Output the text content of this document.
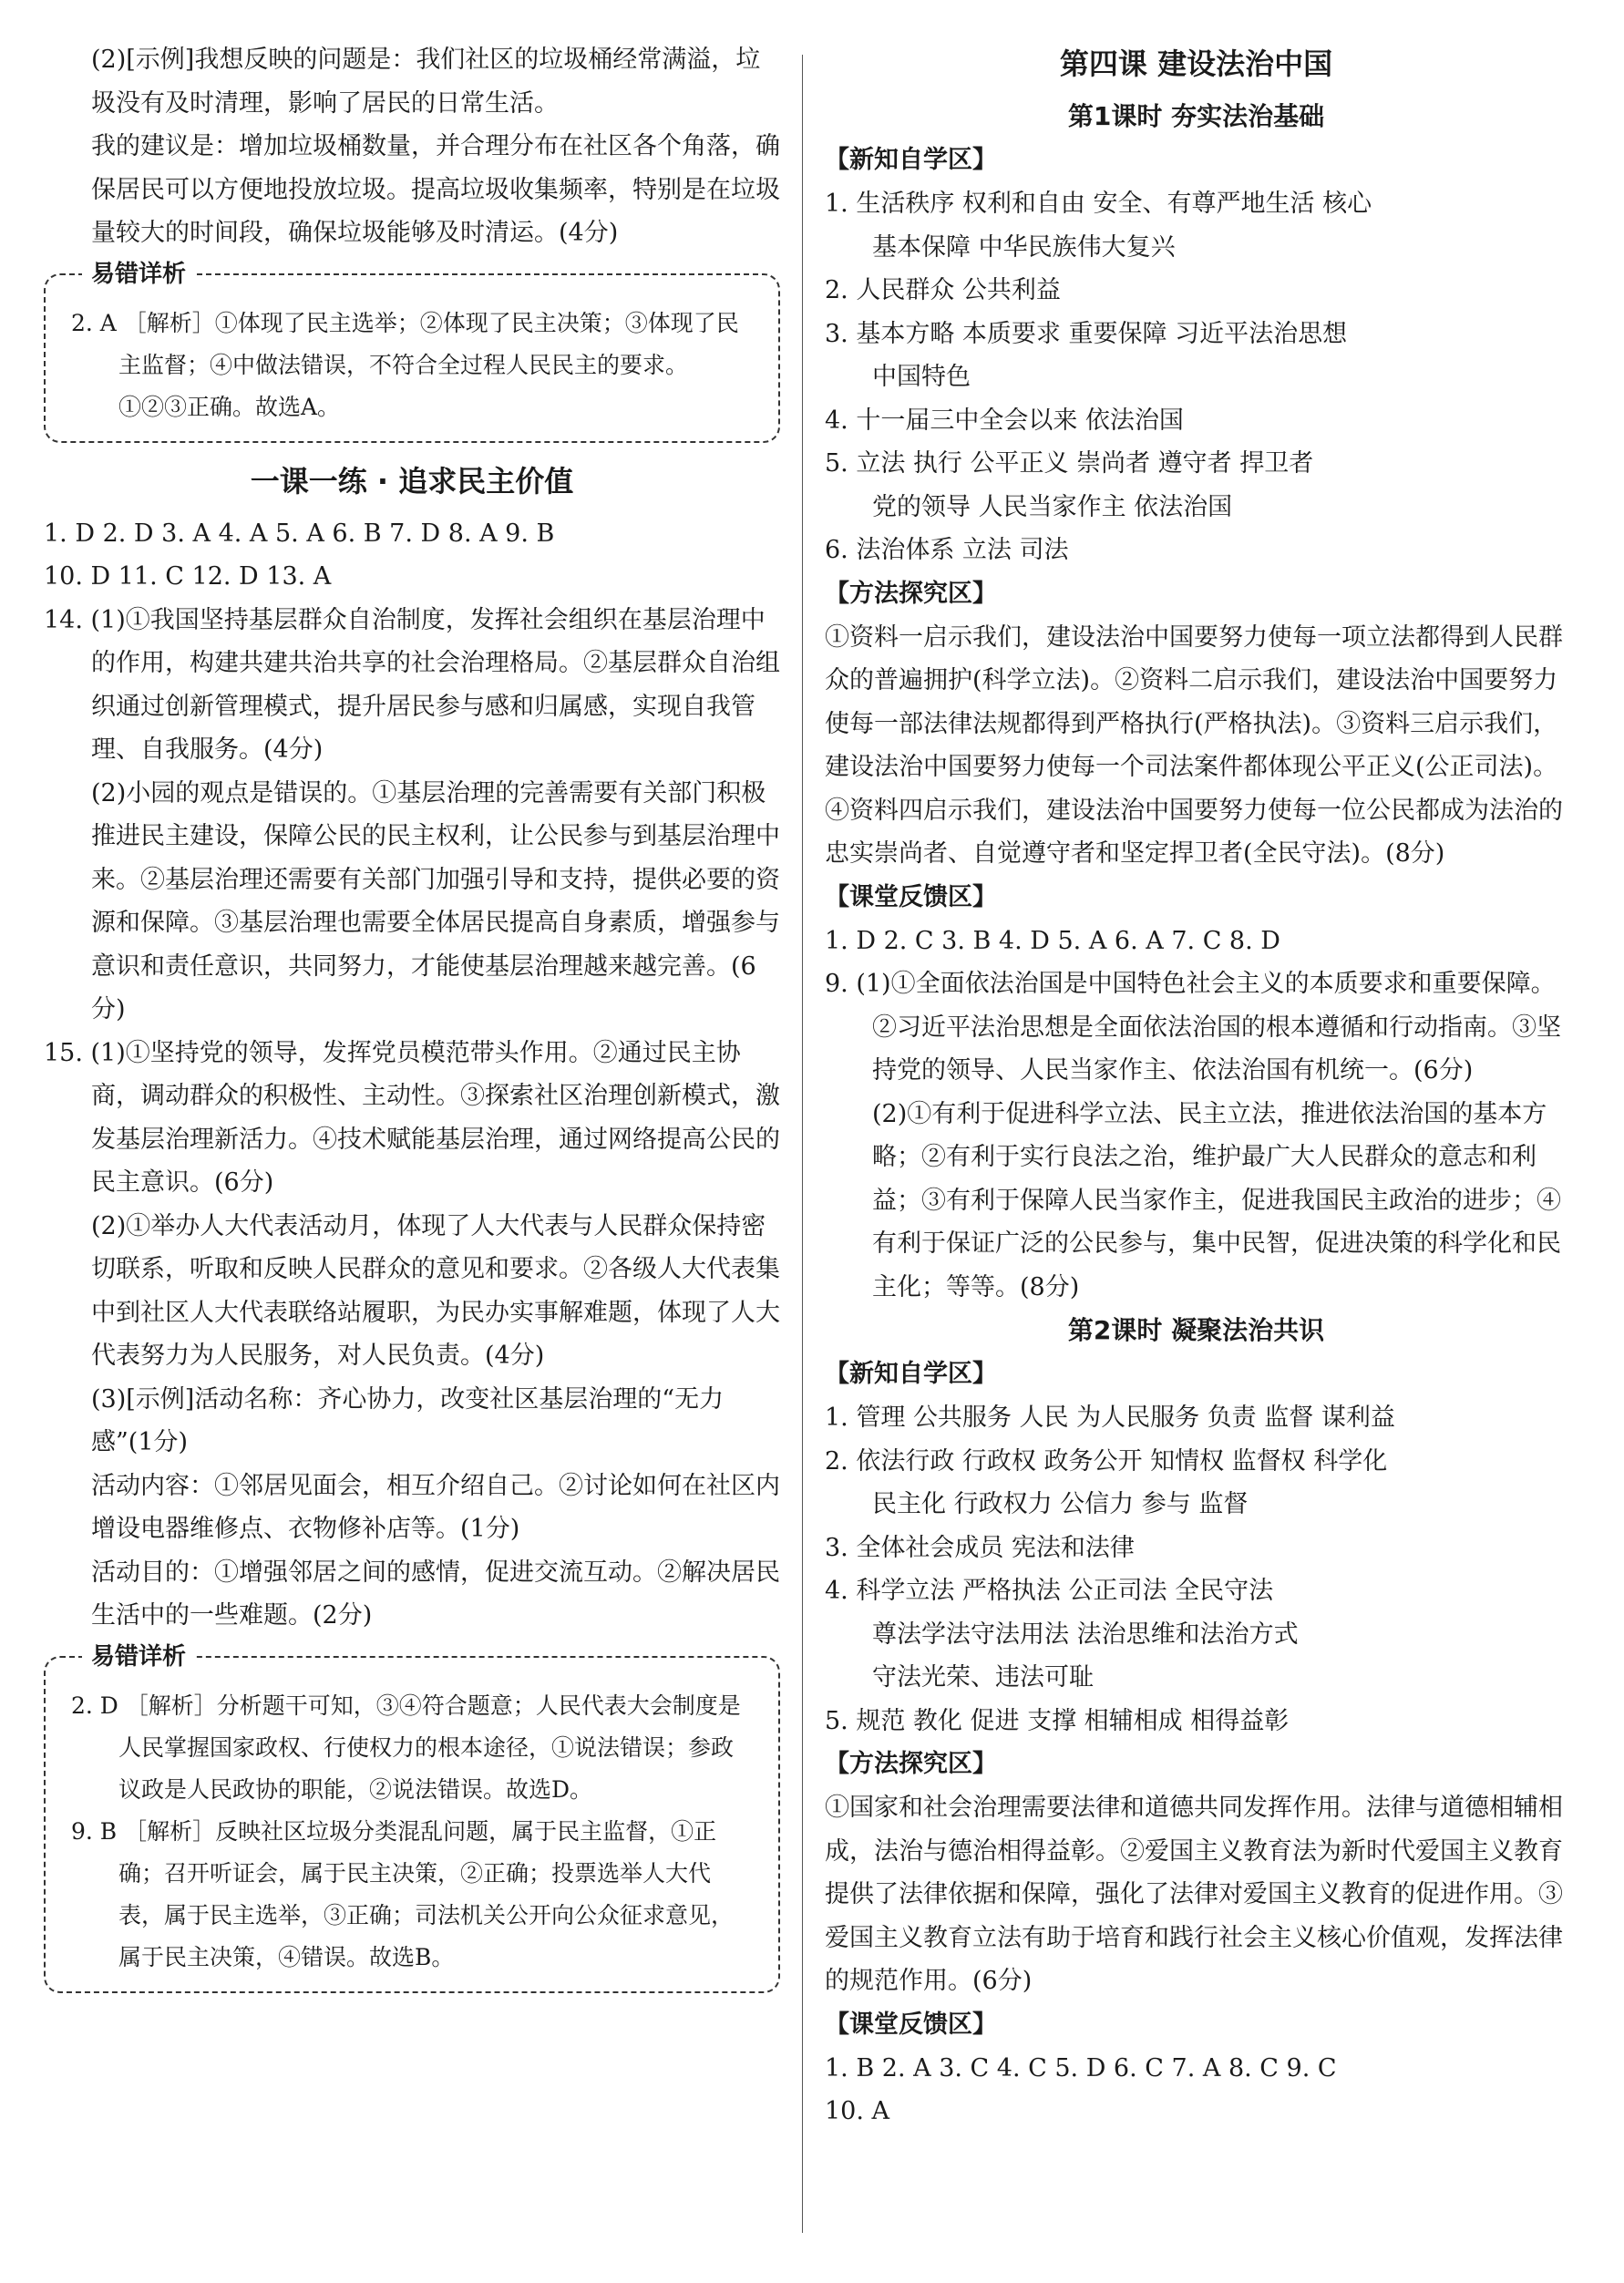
(2)[示例]我想反映的问题是：我们社区的垃圾桶经常满溢，垃圾没有及时清理，影响了居民的日常生活。

我的建议是：增加垃圾桶数量，并合理分布在社区各个角落，确保居民可以方便地投放垃圾。提高垃圾收集频率，特别是在垃圾量较大的时间段，确保垃圾能够及时清运。(4分)

易错详析

2. A ［解析］①体现了民主选举；②体现了民主决策；③体现了民主监督；④中做法错误，不符合全过程人民民主的要求。①②③正确。故选A。

一课一练 · 追求民主价值

1. D 2. D 3. A 4. A 5. A 6. B 7. D 8. A 9. B

10. D 11. C 12. D 13. A

14. (1)①我国坚持基层群众自治制度，发挥社会组织在基层治理中的作用，构建共建共治共享的社会治理格局。②基层群众自治组织通过创新管理模式，提升居民参与感和归属感，实现自我管理、自我服务。(4分)

(2)小园的观点是错误的。①基层治理的完善需要有关部门积极推进民主建设，保障公民的民主权利，让公民参与到基层治理中来。②基层治理还需要有关部门加强引导和支持，提供必要的资源和保障。③基层治理也需要全体居民提高自身素质，增强参与意识和责任意识，共同努力，才能使基层治理越来越完善。(6分)

15. (1)①坚持党的领导，发挥党员模范带头作用。②通过民主协商，调动群众的积极性、主动性。③探索社区治理创新模式，激发基层治理新活力。④技术赋能基层治理，通过网络提高公民的民主意识。(6分)

(2)①举办人大代表活动月，体现了人大代表与人民群众保持密切联系，听取和反映人民群众的意见和要求。②各级人大代表集中到社区人大代表联络站履职，为民办实事解难题，体现了人大代表努力为人民服务，对人民负责。(4分)

(3)[示例]活动名称：齐心协力，改变社区基层治理的“无力感”(1分)

活动内容：①邻居见面会，相互介绍自己。②讨论如何在社区内增设电器维修点、衣物修补店等。(1分)

活动目的：①增强邻居之间的感情，促进交流互动。②解决居民生活中的一些难题。(2分)

易错详析

2. D ［解析］分析题干可知，③④符合题意；人民代表大会制度是人民掌握国家政权、行使权力的根本途径，①说法错误；参政议政是人民政协的职能，②说法错误。故选D。

9. B ［解析］反映社区垃圾分类混乱问题，属于民主监督，①正确；召开听证会，属于民主决策，②正确；投票选举人大代表，属于民主选举，③正确；司法机关公开向公众征求意见，属于民主决策，④错误。故选B。

第四课 建设法治中国
第1课时 夯实法治基础
【新知自学区】

1. 生活秩序 权利和自由 安全、有尊严地生活 核心

基本保障 中华民族伟大复兴

2. 人民群众 公共利益

3. 基本方略 本质要求 重要保障 习近平法治思想

中国特色

4. 十一届三中全会以来 依法治国

5. 立法 执行 公平正义 崇尚者 遵守者 捍卫者

党的领导 人民当家作主 依法治国

6. 法治体系 立法 司法

【方法探究区】

①资料一启示我们，建设法治中国要努力使每一项立法都得到人民群众的普遍拥护(科学立法)。②资料二启示我们，建设法治中国要努力使每一部法律法规都得到严格执行(严格执法)。③资料三启示我们，建设法治中国要努力使每一个司法案件都体现公平正义(公正司法)。④资料四启示我们，建设法治中国要努力使每一位公民都成为法治的忠实崇尚者、自觉遵守者和坚定捍卫者(全民守法)。(8分)

【课堂反馈区】

1. D 2. C 3. B 4. D 5. A 6. A 7. C 8. D

9. (1)①全面依法治国是中国特色社会主义的本质要求和重要保障。②习近平法治思想是全面依法治国的根本遵循和行动指南。③坚持党的领导、人民当家作主、依法治国有机统一。(6分)

(2)①有利于促进科学立法、民主立法，推进依法治国的基本方略；②有利于实行良法之治，维护最广大人民群众的意志和利益；③有利于保障人民当家作主，促进我国民主政治的进步；④有利于保证广泛的公民参与，集中民智，促进决策的科学化和民主化；等等。(8分)

第2课时 凝聚法治共识
【新知自学区】

1. 管理 公共服务 人民 为人民服务 负责 监督 谋利益

2. 依法行政 行政权 政务公开 知情权 监督权 科学化

民主化 行政权力 公信力 参与 监督

3. 全体社会成员 宪法和法律

4. 科学立法 严格执法 公正司法 全民守法

尊法学法守法用法 法治思维和法治方式

守法光荣、违法可耻

5. 规范 教化 促进 支撑 相辅相成 相得益彰

【方法探究区】

①国家和社会治理需要法律和道德共同发挥作用。法律与道德相辅相成，法治与德治相得益彰。②爱国主义教育法为新时代爱国主义教育提供了法律依据和保障，强化了法律对爱国主义教育的促进作用。③爱国主义教育立法有助于培育和践行社会主义核心价值观，发挥法律的规范作用。(6分)

【课堂反馈区】

1. B 2. A 3. C 4. C 5. D 6. C 7. A 8. C 9. C

10. A
